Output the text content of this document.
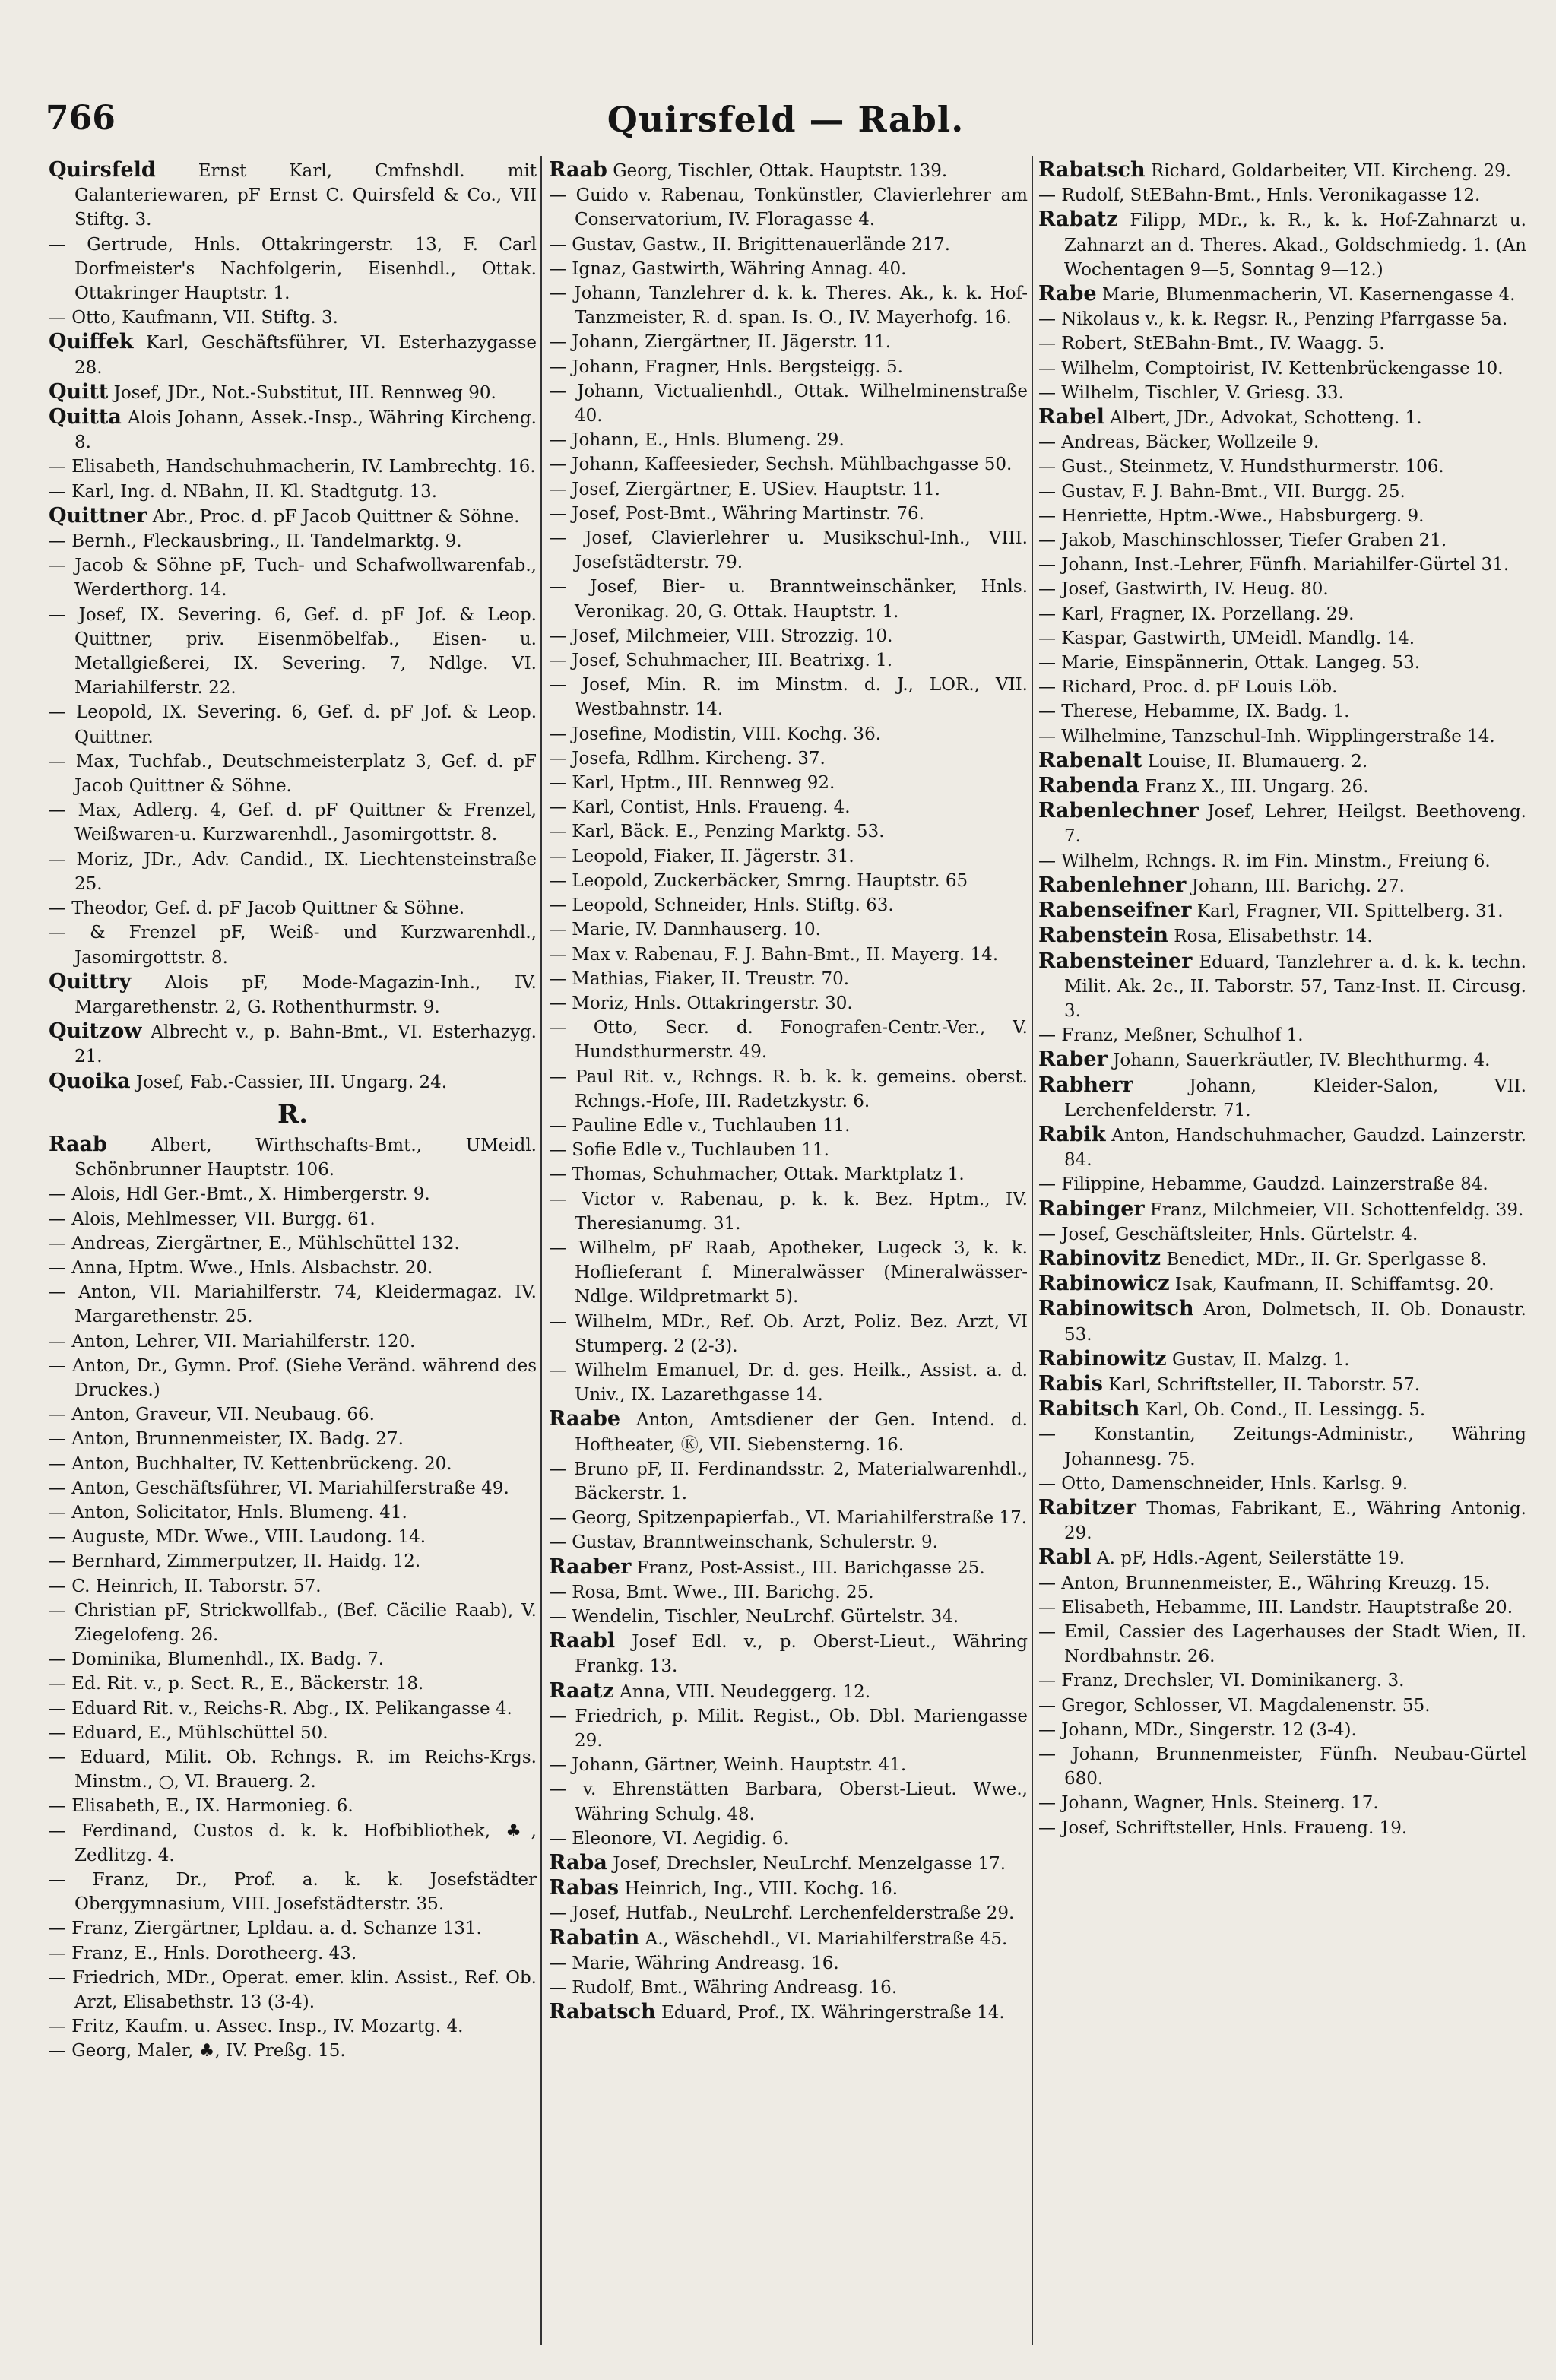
766	Quirsfeld — Rabl.

Quirsfeld Ernst Karl, Cmfnshdl. mit Galanteriewaren, pF Ernst C. Quirsfeld & Co., VII Stiftg. 3.

— Gertrude, Hnls. Ottakringerstr. 13, F. Carl Dorfmeister's Nachfolgerin, Eisenhdl., Ottak. Ottakringer Hauptstr. 1.

— Otto, Kaufmann, VII. Stiftg. 3.

Quiffek Karl, Geschäftsführer, VI. Esterhazygasse 28.

Quitt Josef, JDr., Not.-Substitut, III. Rennweg 90.

Quitta Alois Johann, Assek.-Insp., Währing Kircheng. 8.

— Elisabeth, Handschuhmacherin, IV. Lambrechtg. 16.

— Karl, Ing. d. NBahn, II. Kl. Stadtgutg. 13.

Quittner Abr., Proc. d. pF Jacob Quittner & Söhne.

— Bernh., Fleckausbring., II. Tandelmarktg. 9.

— Jacob & Söhne pF, Tuch- und Schafwollwarenfab., Werderthorg. 14.

— Josef, IX. Severing. 6, Gef. d. pF Jof. & Leop. Quittner, priv. Eisenmöbelfab., Eisen- u. Metallgießerei, IX. Severing. 7, Ndlge. VI. Mariahilferstr. 22.

— Leopold, IX. Severing. 6, Gef. d. pF Jof. & Leop. Quittner.

— Max, Tuchfab., Deutschmeisterplatz 3, Gef. d. pF Jacob Quittner & Söhne.

— Max, Adlerg. 4, Gef. d. pF Quittner & Frenzel, Weißwaren-u. Kurzwarenhdl., Jasomirgottstr. 8.

— Moriz, JDr., Adv. Candid., IX. Liechtensteinstraße 25.

— Theodor, Gef. d. pF Jacob Quittner & Söhne.

— & Frenzel pF, Weiß- und Kurzwarenhdl., Jasomirgottstr. 8.

Quittry Alois pF, Mode-Magazin-Inh., IV. Margarethenstr. 2, G. Rothenthurmstr. 9.

Quitzow Albrecht v., p. Bahn-Bmt., VI. Esterhazyg. 21.

Quoika Josef, Fab.-Cassier, III. Ungarg. 24.

R.

Raab Albert, Wirthschafts-Bmt., UMeidl. Schönbrunner Hauptstr. 106.

— Alois, Hdl Ger.-Bmt., X. Himbergerstr. 9.

— Alois, Mehlmesser, VII. Burgg. 61.

— Andreas, Ziergärtner, E., Mühlschüttel 132.

— Anna, Hptm. Wwe., Hnls. Alsbachstr. 20.

— Anton, VII. Mariahilferstr. 74, Kleidermagaz. IV. Margarethenstr. 25.

— Anton, Lehrer, VII. Mariahilferstr. 120.

— Anton, Dr., Gymn. Prof. (Siehe Veränd. während des Druckes.)

— Anton, Graveur, VII. Neubaug. 66.

— Anton, Brunnenmeister, IX. Badg. 27.

— Anton, Buchhalter, IV. Kettenbrückeng. 20.

— Anton, Geschäftsführer, VI. Mariahilferstraße 49.

— Anton, Solicitator, Hnls. Blumeng. 41.

— Auguste, MDr. Wwe., VIII. Laudong. 14.

— Bernhard, Zimmerputzer, II. Haidg. 12.

— C. Heinrich, II. Taborstr. 57.

— Christian pF, Strickwollfab., (Bef. Cäcilie Raab), V. Ziegelofeng. 26.

— Dominika, Blumenhdl., IX. Badg. 7.

— Ed. Rit. v., p. Sect. R., E., Bäckerstr. 18.

— Eduard Rit. v., Reichs-R. Abg., IX. Pelikangasse 4.

— Eduard, E., Mühlschüttel 50.

— Eduard, Milit. Ob. Rchngs. R. im Reichs-Krgs. Minstm., ○, VI. Brauerg. 2.

— Elisabeth, E., IX. Harmonieg. 6.

— Ferdinand, Custos d. k. k. Hofbibliothek, ♣, Zedlitzg. 4.

— Franz, Dr., Prof. a. k. k. Josefstädter Obergymnasium, VIII. Josefstädterstr. 35.

— Franz, Ziergärtner, Lpldau. a. d. Schanze 131.

— Franz, E., Hnls. Dorotheerg. 43.

— Friedrich, MDr., Operat. emer. klin. Assist., Ref. Ob. Arzt, Elisabethstr. 13 (3-4).

— Fritz, Kaufm. u. Assec. Insp., IV. Mozartg. 4.

— Georg, Maler, ♣, IV. Preßg. 15.

Raab Georg, Tischler, Ottak. Hauptstr. 139.

— Guido v. Rabenau, Tonkünstler, Clavierlehrer am Conservatorium, IV. Floragasse 4.

— Gustav, Gastw., II. Brigittenauerlände 217.

— Ignaz, Gastwirth, Währing Annag. 40.

— Johann, Tanzlehrer d. k. k. Theres. Ak., k. k. Hof-Tanzmeister, R. d. span. Is. O., IV. Mayerhofg. 16.

— Johann, Ziergärtner, II. Jägerstr. 11.

— Johann, Fragner, Hnls. Bergsteigg. 5.

— Johann, Victualienhdl., Ottak. Wilhelminenstraße 40.

— Johann, E., Hnls. Blumeng. 29.

— Johann, Kaffeesieder, Sechsh. Mühlbachgasse 50.

— Josef, Ziergärtner, E. USiev. Hauptstr. 11.

— Josef, Post-Bmt., Währing Martinstr. 76.

— Josef, Clavierlehrer u. Musikschul-Inh., VIII. Josefstädterstr. 79.

— Josef, Bier- u. Branntweinschänker, Hnls. Veronikag. 20, G. Ottak. Hauptstr. 1.

— Josef, Milchmeier, VIII. Strozzig. 10.

— Josef, Schuhmacher, III. Beatrixg. 1.

— Josef, Min. R. im Minstm. d. J., LOR., VII. Westbahnstr. 14.

— Josefine, Modistin, VIII. Kochg. 36.

— Josefa, Rdlhm. Kircheng. 37.

— Karl, Hptm., III. Rennweg 92.

— Karl, Contist, Hnls. Fraueng. 4.

— Karl, Bäck. E., Penzing Marktg. 53.

— Leopold, Fiaker, II. Jägerstr. 31.

— Leopold, Zuckerbäcker, Smrng. Hauptstr. 65

— Leopold, Schneider, Hnls. Stiftg. 63.

— Marie, IV. Dannhauserg. 10.

— Max v. Rabenau, F. J. Bahn-Bmt., II. Mayerg. 14.

— Mathias, Fiaker, II. Treustr. 70.

— Moriz, Hnls. Ottakringerstr. 30.

— Otto, Secr. d. Fonografen-Centr.-Ver., V. Hundsthurmerstr. 49.

— Paul Rit. v., Rchngs. R. b. k. k. gemeins. oberst. Rchngs.-Hofe, III. Radetzkystr. 6.

— Pauline Edle v., Tuchlauben 11.

— Sofie Edle v., Tuchlauben 11.

— Thomas, Schuhmacher, Ottak. Marktplatz 1.

— Victor v. Rabenau, p. k. k. Bez. Hptm., IV. Theresianumg. 31.

— Wilhelm, pF Raab, Apotheker, Lugeck 3, k. k. Hoflieferant f. Mineralwässer (Mineralwässer-Ndlge. Wildpretmarkt 5).

— Wilhelm, MDr., Ref. Ob. Arzt, Poliz. Bez. Arzt, VI Stumperg. 2 (2-3).

— Wilhelm Emanuel, Dr. d. ges. Heilk., Assist. a. d. Univ., IX. Lazarethgasse 14.

Raabe Anton, Amtsdiener der Gen. Intend. d. Hoftheater, Ⓚ, VII. Siebensterng. 16.

— Bruno pF, II. Ferdinandsstr. 2, Materialwarenhdl., Bäckerstr. 1.

— Georg, Spitzenpapierfab., VI. Mariahilferstraße 17.

— Gustav, Branntweinschank, Schulerstr. 9.

Raaber Franz, Post-Assist., III. Barichgasse 25.

— Rosa, Bmt. Wwe., III. Barichg. 25.

— Wendelin, Tischler, NeuLrchf. Gürtelstr. 34.

Raabl Josef Edl. v., p. Oberst-Lieut., Währing Frankg. 13.

Raatz Anna, VIII. Neudeggerg. 12.

— Friedrich, p. Milit. Regist., Ob. Dbl. Mariengasse 29.

— Johann, Gärtner, Weinh. Hauptstr. 41.

— v. Ehrenstätten Barbara, Oberst-Lieut. Wwe., Währing Schulg. 48.

— Eleonore, VI. Aegidig. 6.

Raba Josef, Drechsler, NeuLrchf. Menzelgasse 17.

Rabas Heinrich, Ing., VIII. Kochg. 16.

— Josef, Hutfab., NeuLrchf. Lerchenfelderstraße 29.

Rabatin A., Wäschehdl., VI. Mariahilferstraße 45.

— Marie, Währing Andreasg. 16.

— Rudolf, Bmt., Währing Andreasg. 16.

Rabatsch Eduard, Prof., IX. Währingerstraße 14.

Rabatsch Richard, Goldarbeiter, VII. Kircheng. 29.

— Rudolf, StEBahn-Bmt., Hnls. Veronikagasse 12.

Rabatz Filipp, MDr., k. R., k. k. Hof-Zahnarzt u. Zahnarzt an d. Theres. Akad., Goldschmiedg. 1. (An Wochentagen 9—5, Sonntag 9—12.)

Rabe Marie, Blumenmacherin, VI. Kasernengasse 4.

— Nikolaus v., k. k. Regsr. R., Penzing Pfarrgasse 5a.

— Robert, StEBahn-Bmt., IV. Waagg. 5.

— Wilhelm, Comptoirist, IV. Kettenbrückengasse 10.

— Wilhelm, Tischler, V. Griesg. 33.

Rabel Albert, JDr., Advokat, Schotteng. 1.

— Andreas, Bäcker, Wollzeile 9.

— Gust., Steinmetz, V. Hundsthurmerstr. 106.

— Gustav, F. J. Bahn-Bmt., VII. Burgg. 25.

— Henriette, Hptm.-Wwe., Habsburgerg. 9.

— Jakob, Maschinschlosser, Tiefer Graben 21.

— Johann, Inst.-Lehrer, Fünfh. Mariahilfer-Gürtel 31.

— Josef, Gastwirth, IV. Heug. 80.

— Karl, Fragner, IX. Porzellang. 29.

— Kaspar, Gastwirth, UMeidl. Mandlg. 14.

— Marie, Einspännerin, Ottak. Langeg. 53.

— Richard, Proc. d. pF Louis Löb.

— Therese, Hebamme, IX. Badg. 1.

— Wilhelmine, Tanzschul-Inh. Wipplingerstraße 14.

Rabenalt Louise, II. Blumauerg. 2.

Rabenda Franz X., III. Ungarg. 26.

Rabenlechner Josef, Lehrer, Heilgst. Beethoveng. 7.

— Wilhelm, Rchngs. R. im Fin. Minstm., Freiung 6.

Rabenlehner Johann, III. Barichg. 27.

Rabenseifner Karl, Fragner, VII. Spittelberg. 31.

Rabenstein Rosa, Elisabethstr. 14.

Rabensteiner Eduard, Tanzlehrer a. d. k. k. techn. Milit. Ak. 2c., II. Taborstr. 57, Tanz-Inst. II. Circusg. 3.

— Franz, Meßner, Schulhof 1.

Raber Johann, Sauerkräutler, IV. Blechthurmg. 4.

Rabherr Johann, Kleider-Salon, VII. Lerchenfelderstr. 71.

Rabik Anton, Handschuhmacher, Gaudzd. Lainzerstr. 84.

— Filippine, Hebamme, Gaudzd. Lainzerstraße 84.

Rabinger Franz, Milchmeier, VII. Schottenfeldg. 39.

— Josef, Geschäftsleiter, Hnls. Gürtelstr. 4.

Rabinovitz Benedict, MDr., II. Gr. Sperlgasse 8.

Rabinowicz Isak, Kaufmann, II. Schiffamtsg. 20.

Rabinowitsch Aron, Dolmetsch, II. Ob. Donaustr. 53.

Rabinowitz Gustav, II. Malzg. 1.

Rabis Karl, Schriftsteller, II. Taborstr. 57.

Rabitsch Karl, Ob. Cond., II. Lessingg. 5.

— Konstantin, Zeitungs-Administr., Währing Johannesg. 75.

— Otto, Damenschneider, Hnls. Karlsg. 9.

Rabitzer Thomas, Fabrikant, E., Währing Antonig. 29.

Rabl A. pF, Hdls.-Agent, Seilerstätte 19.

— Anton, Brunnenmeister, E., Währing Kreuzg. 15.

— Elisabeth, Hebamme, III. Landstr. Hauptstraße 20.

— Emil, Cassier des Lagerhauses der Stadt Wien, II. Nordbahnstr. 26.

— Franz, Drechsler, VI. Dominikanerg. 3.

— Gregor, Schlosser, VI. Magdalenenstr. 55.

— Johann, MDr., Singerstr. 12 (3-4).

— Johann, Brunnenmeister, Fünfh. Neubau-Gürtel 680.

— Johann, Wagner, Hnls. Steinerg. 17.

— Josef, Schriftsteller, Hnls. Fraueng. 19.
